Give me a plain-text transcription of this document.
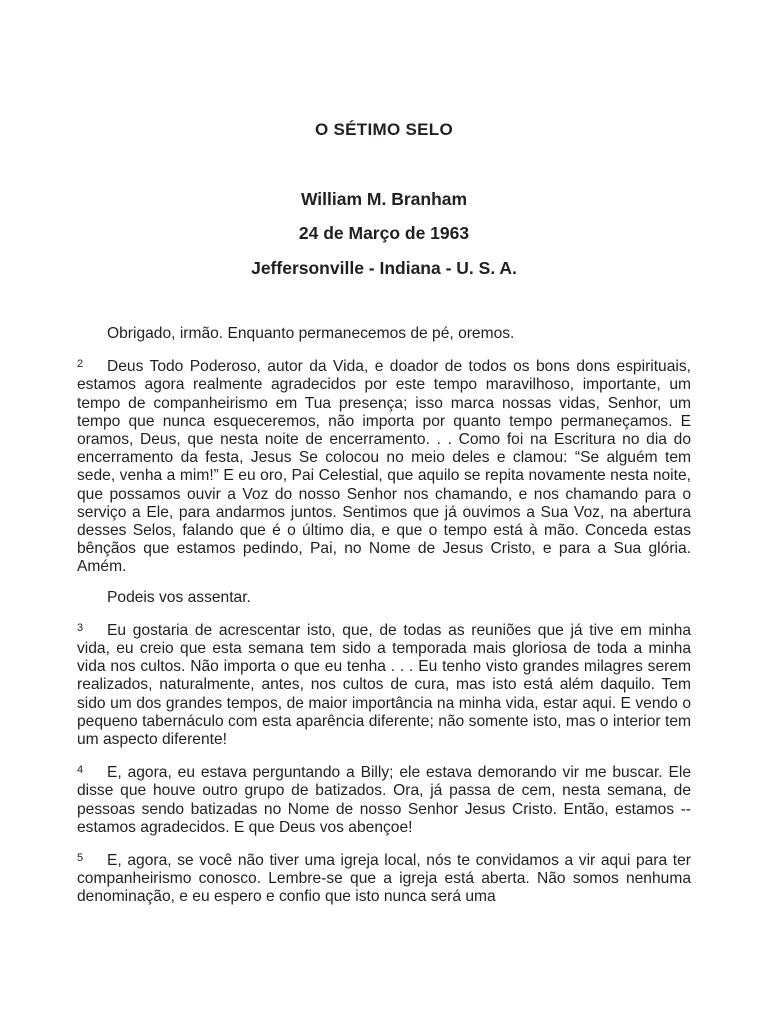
O SÉTIMO SELO
William M. Branham
24 de Março de 1963
Jeffersonville - Indiana - U. S. A.

Obrigado, irmão. Enquanto permanecemos de pé, oremos.

2 Deus Todo Poderoso, autor da Vida, e doador de todos os bons dons espirituais, estamos agora realmente agradecidos por este tempo maravilhoso, importante, um tempo de companheirismo em Tua presença; isso marca nossas vidas, Senhor, um tempo que nunca esqueceremos, não importa por quanto tempo permaneçamos. E oramos, Deus, que nesta noite de encerramento. . . Como foi na Escritura no dia do encerramento da festa, Jesus Se colocou no meio deles e clamou: “Se alguém tem sede, venha a mim!” E eu oro, Pai Celestial, que aquilo se repita novamente nesta noite, que possamos ouvir a Voz do nosso Senhor nos chamando, e nos chamando para o serviço a Ele, para andarmos juntos. Sentimos que já ouvimos a Sua Voz, na abertura desses Selos, falando que é o último dia, e que o tempo está à mão. Conceda estas bênçãos que estamos pedindo, Pai, no Nome de Jesus Cristo, e para a Sua glória. Amém.

Podeis vos assentar.

3 Eu gostaria de acrescentar isto, que, de todas as reuniões que já tive em minha vida, eu creio que esta semana tem sido a temporada mais gloriosa de toda a minha vida nos cultos. Não importa o que eu tenha . . . Eu tenho visto grandes milagres serem realizados, naturalmente, antes, nos cultos de cura, mas isto está além daquilo. Tem sido um dos grandes tempos, de maior importância na minha vida, estar aqui. E vendo o pequeno tabernáculo com esta aparência diferente; não somente isto, mas o interior tem um aspecto diferente!

4 E, agora, eu estava perguntando a Billy; ele estava demorando vir me buscar. Ele disse que houve outro grupo de batizados. Ora, já passa de cem, nesta semana, de pessoas sendo batizadas no Nome de nosso Senhor Jesus Cristo. Então, estamos -- estamos agradecidos. E que Deus vos abençoe!

5 E, agora, se você não tiver uma igreja local, nós te convidamos a vir aqui para ter companheirismo conosco. Lembre-se que a igreja está aberta. Não somos nenhuma denominação, e eu espero e confio que isto nunca será uma
